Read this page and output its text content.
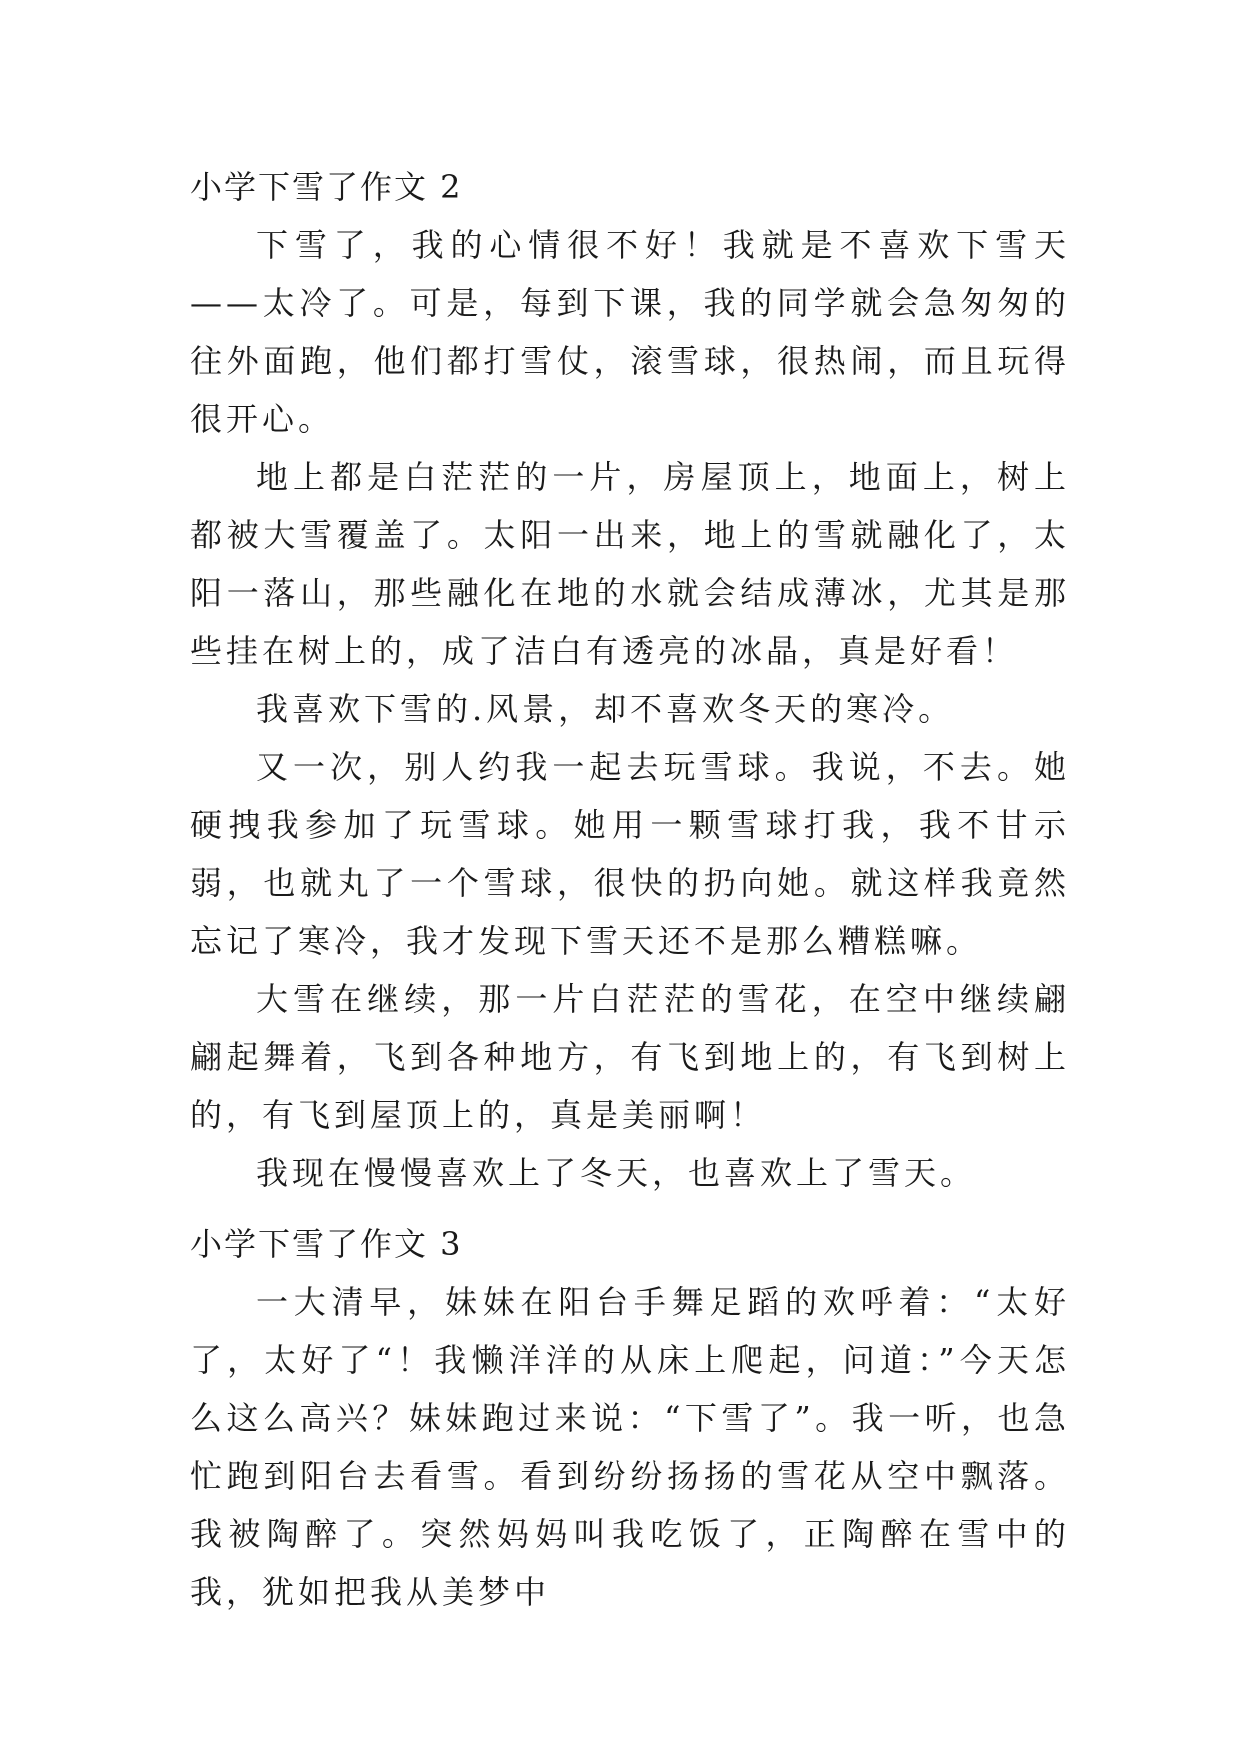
小学下雪了作文 2

下雪了，我的心情很不好！我就是不喜欢下雪天——太冷了。可是，每到下课，我的同学就会急匆匆的往外面跑，他们都打雪仗，滚雪球，很热闹，而且玩得很开心。

地上都是白茫茫的一片，房屋顶上，地面上，树上都被大雪覆盖了。太阳一出来，地上的雪就融化了，太阳一落山，那些融化在地的水就会结成薄冰，尤其是那些挂在树上的，成了洁白有透亮的冰晶，真是好看！

我喜欢下雪的.风景，却不喜欢冬天的寒冷。

又一次，别人约我一起去玩雪球。我说，不去。她硬拽我参加了玩雪球。她用一颗雪球打我，我不甘示弱，也就丸了一个雪球，很快的扔向她。就这样我竟然忘记了寒冷，我才发现下雪天还不是那么糟糕嘛。

大雪在继续，那一片白茫茫的雪花，在空中继续翩翩起舞着，飞到各种地方，有飞到地上的，有飞到树上的，有飞到屋顶上的，真是美丽啊！

我现在慢慢喜欢上了冬天，也喜欢上了雪天。

小学下雪了作文 3

一大清早，妹妹在阳台手舞足蹈的欢呼着：“太好了，太好了“！我懒洋洋的从床上爬起，问道：”今天怎么这么高兴？妹妹跑过来说：“下雪了”。我一听，也急忙跑到阳台去看雪。看到纷纷扬扬的雪花从空中飘落。我被陶醉了。突然妈妈叫我吃饭了，正陶醉在雪中的我，犹如把我从美梦中
